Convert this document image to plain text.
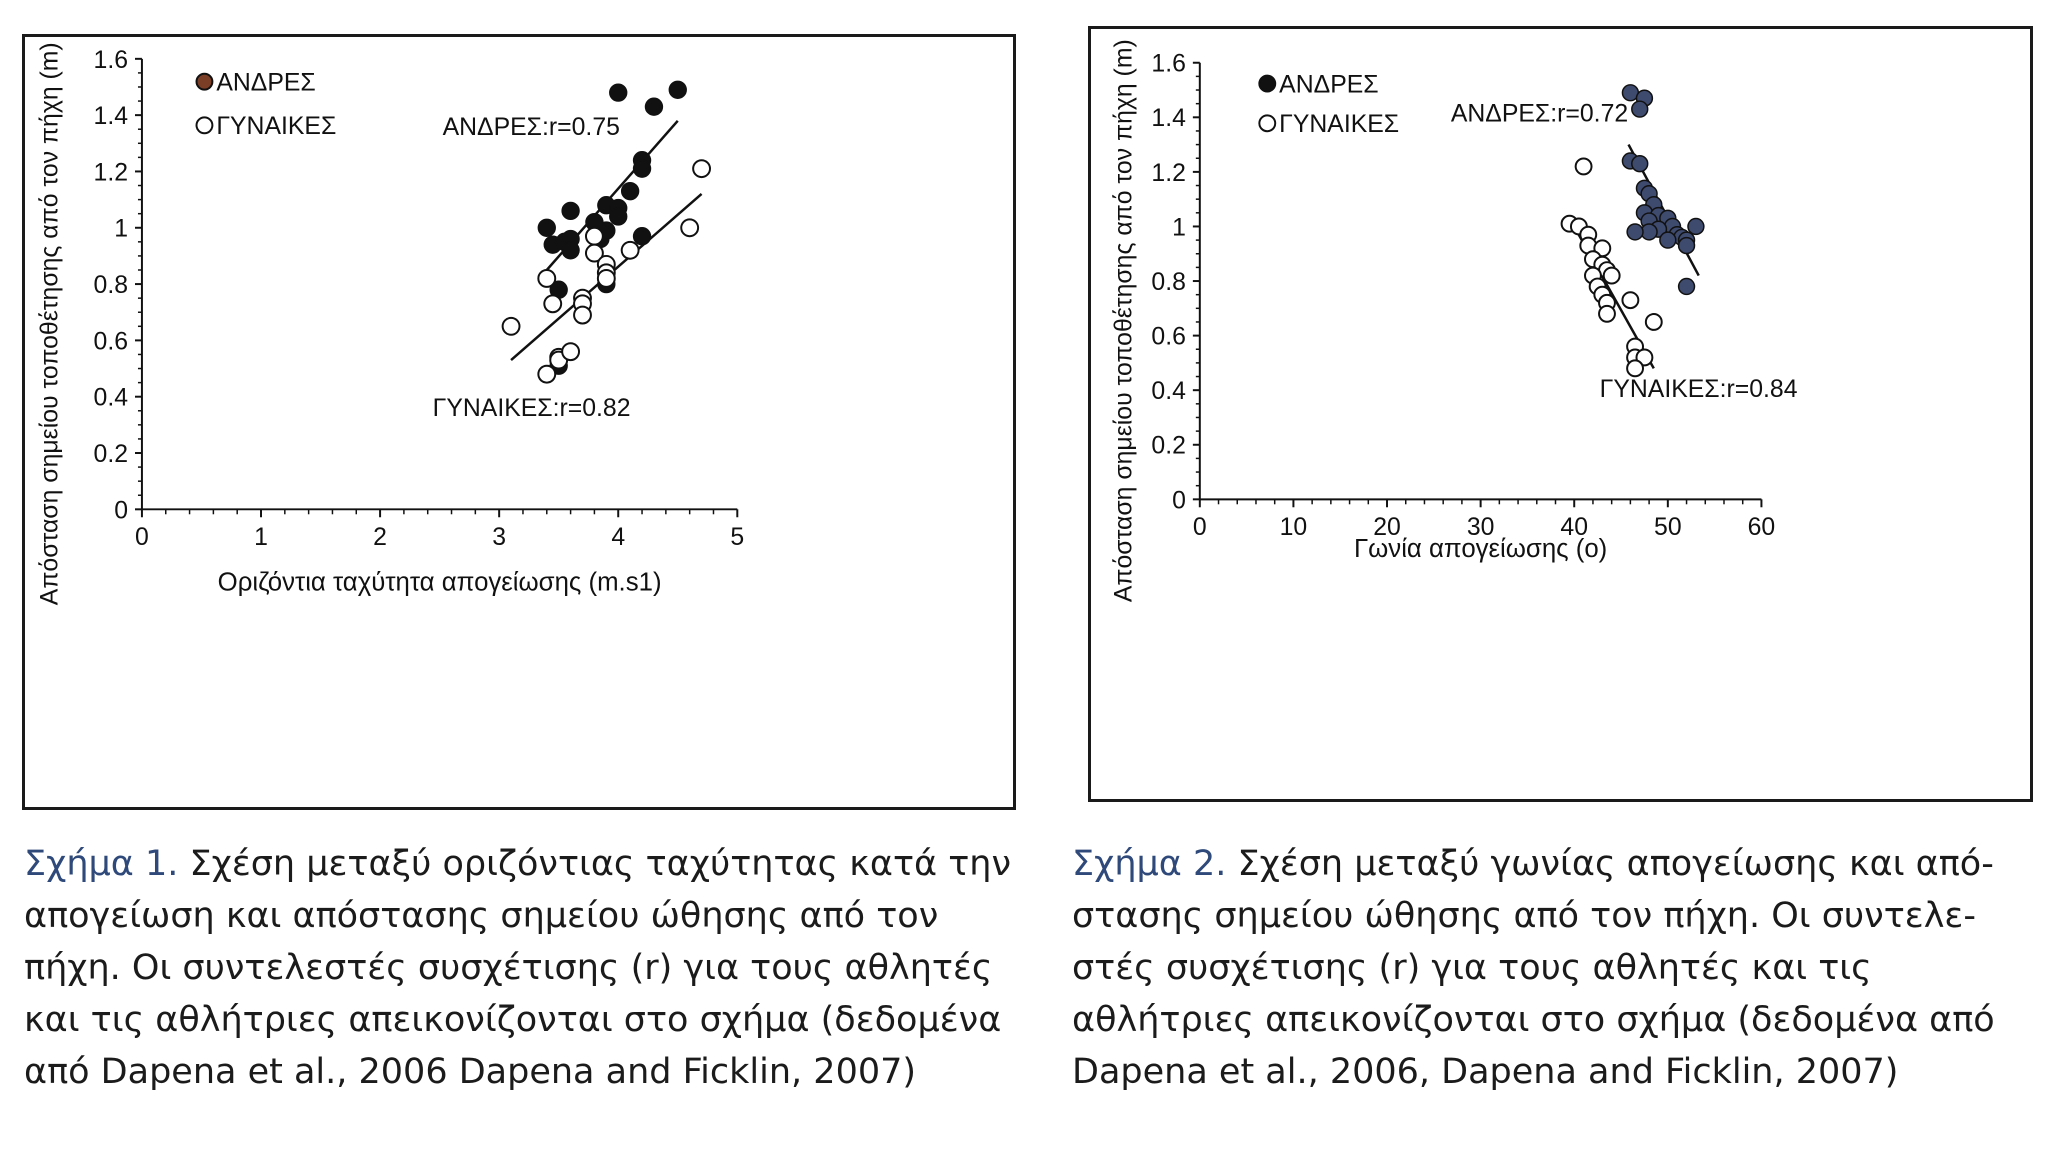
0
0.2
0.4
0.6
0.8
1
1.2
1.4
1.6
0	1	2	3	4	5
Οριζόντια ταχύτητα απογείωσης (m.s1)
Απόσταση σημείου τοποθέτησης από τον πήχη (m)	ΑΝΔΡΕΣ:r=0.75
ΓΥΝΑΙΚΕΣ:r=0.82
ΑΝΔΡΕΣ
ΓΥΝΑΙΚΕΣ
0
0.2
0.4
0.6
0.8
1
1.2
1.4
1.6
0	10	20	30	40	50	60
Γωνία απογείωσης (ο)
Απόσταση σημείου τοποθέτησης από τον πήχη (m)	ΑΝΔΡΕΣ:r=0.72
ΓΥΝΑΙΚΕΣ:r=0.84
ΑΝΔΡΕΣ
ΓΥΝΑΙΚΕΣ
Σχήμα 1. Σχέση μεταξύ οριζόντιας ταχύτητας κατά την
απογείωση και απόστασης σημείου ώθησης από τον
πήχη. Οι συντελεστές συσχέτισης (r) για τους αθλητές
και τις αθλήτριες απεικονίζονται στο σχήμα (δεδομένα
από Dapena et al., 2006 Dapena and Ficklin, 2007)
Σχήμα 2. Σχέση μεταξύ γωνίας απογείωσης και από-
στασης σημείου ώθησης από τον πήχη. Οι συντελε-
στές συσχέτισης (r) για τους αθλητές και τις
αθλήτριες απεικονίζονται στο σχήμα (δεδομένα από
Dapena et al., 2006, Dapena and Ficklin, 2007)
